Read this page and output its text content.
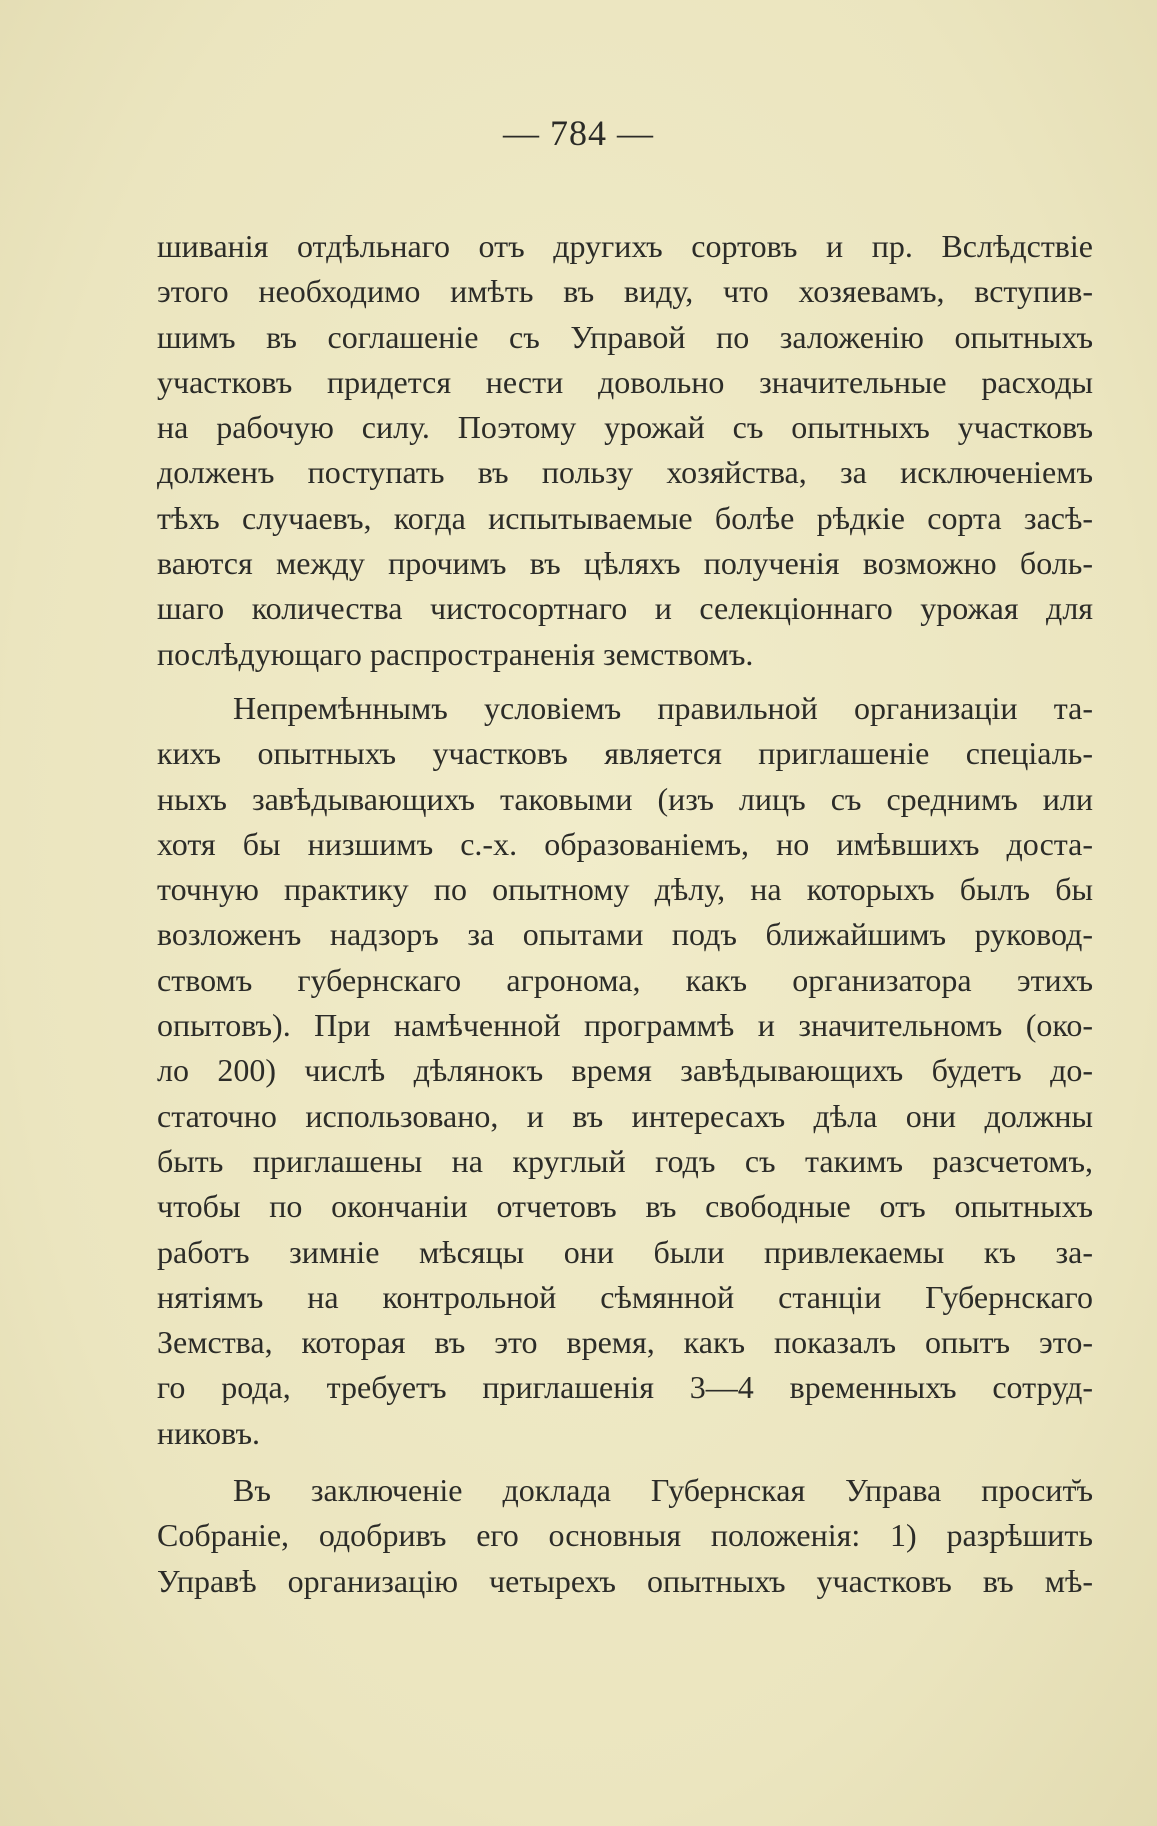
— 784 —
шиванія отдѣльнаго отъ другихъ сортовъ и пр. Вслѣдствіе
этого необходимо имѣть въ виду, что хозяевамъ, вступив-
шимъ въ соглашеніе съ Управой по заложенію опытныхъ
участковъ придется нести довольно значительные расходы
на рабочую силу. Поэтому урожай съ опытныхъ участковъ
долженъ поступать въ пользу хозяйства, за исключеніемъ
тѣхъ случаевъ, когда испытываемые болѣе рѣдкіе сорта засѣ-
ваются между прочимъ въ цѣляхъ полученія возможно боль-
шаго количества чистосортнаго и селекціоннаго урожая для
послѣдующаго распространенія земствомъ.
Непремѣннымъ условіемъ правильной организаціи та-
кихъ опытныхъ участковъ является приглашеніе спеціаль-
ныхъ завѣдывающихъ таковыми (изъ лицъ съ среднимъ или
хотя бы низшимъ с.-х. образованіемъ, но имѣвшихъ доста-
точную практику по опытному дѣлу, на которыхъ былъ бы
возложенъ надзоръ за опытами подъ ближайшимъ руковод-
ствомъ губернскаго агронома, какъ организатора этихъ
опытовъ). При намѣченной программѣ и значительномъ (око-
ло 200) числѣ дѣлянокъ время завѣдывающихъ будетъ до-
статочно использовано, и въ интересахъ дѣла они должны
быть приглашены на круглый годъ съ такимъ разсчетомъ,
чтобы по окончаніи отчетовъ въ свободные отъ опытныхъ
работъ зимніе мѣсяцы они были привлекаемы къ за-
нятіямъ на контрольной сѣмянной станціи Губернскаго
Земства, которая въ это время, какъ показалъ опытъ это-
го рода, требуетъ приглашенія 3—4 временныхъ сотруд-
никовъ.
Въ заключеніе доклада Губернская Управа просит̆ъ
Собраніе, одобривъ его основныя положенія: 1) разрѣшить
Управѣ организацію четырехъ опытныхъ участковъ въ мѣ-
